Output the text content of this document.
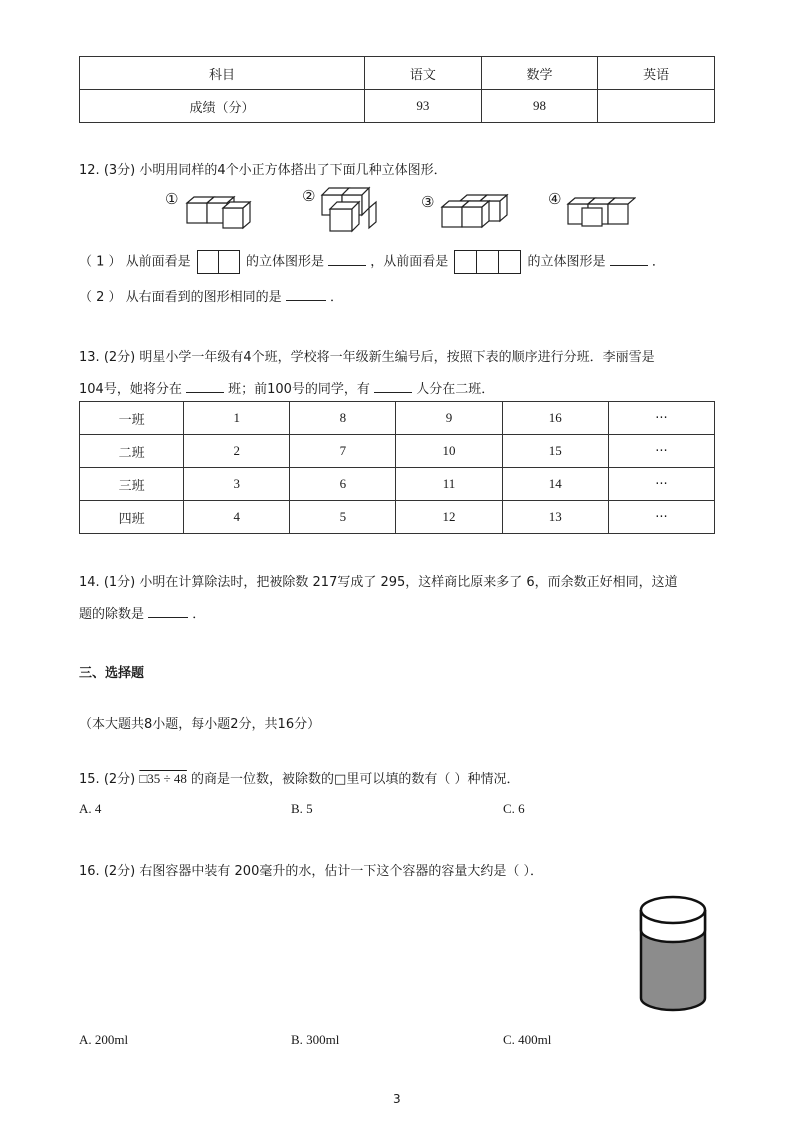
科目	语文	数学	英语
成绩（分）	93	98	
12. (3分) 小明用同样的4个小正方体搭出了下面几种立体图形．
①	②	③	④
（ 1 ） 从前面看是	的立体图形是	，从前面看是	的立体图形是	．
（ 2 ） 从右面看到的图形相同的是	．
13. (2分) 明星小学一年级有4个班，学校将一年级新生编号后，按照下表的顺序进行分班．李丽雪是
104号，她将分在	班；前100号的同学，有	人分在二班．
一班	1	8	9	16	···
二班	2	7	10	15	···
三班	3	6	11	14	···
四班	4	5	12	13	···
14. (1分) 小明在计算除法时，把被除数 217写成了 295，这样商比原来多了 6，而余数正好相同，这道
题的除数是	．
三、选择题
（本大题共8小题，每小题2分，共16分）
15. (2分) □35 ÷ 48 的商是一位数，被除数的□里可以填的数有（ ）种情况．
A. 4	B. 5	C. 6
16. (2分) 右图容器中装有 200毫升的水，估计一下这个容器的容量大约是（ ）．
A. 200ml	B. 300ml	C. 400ml
3
